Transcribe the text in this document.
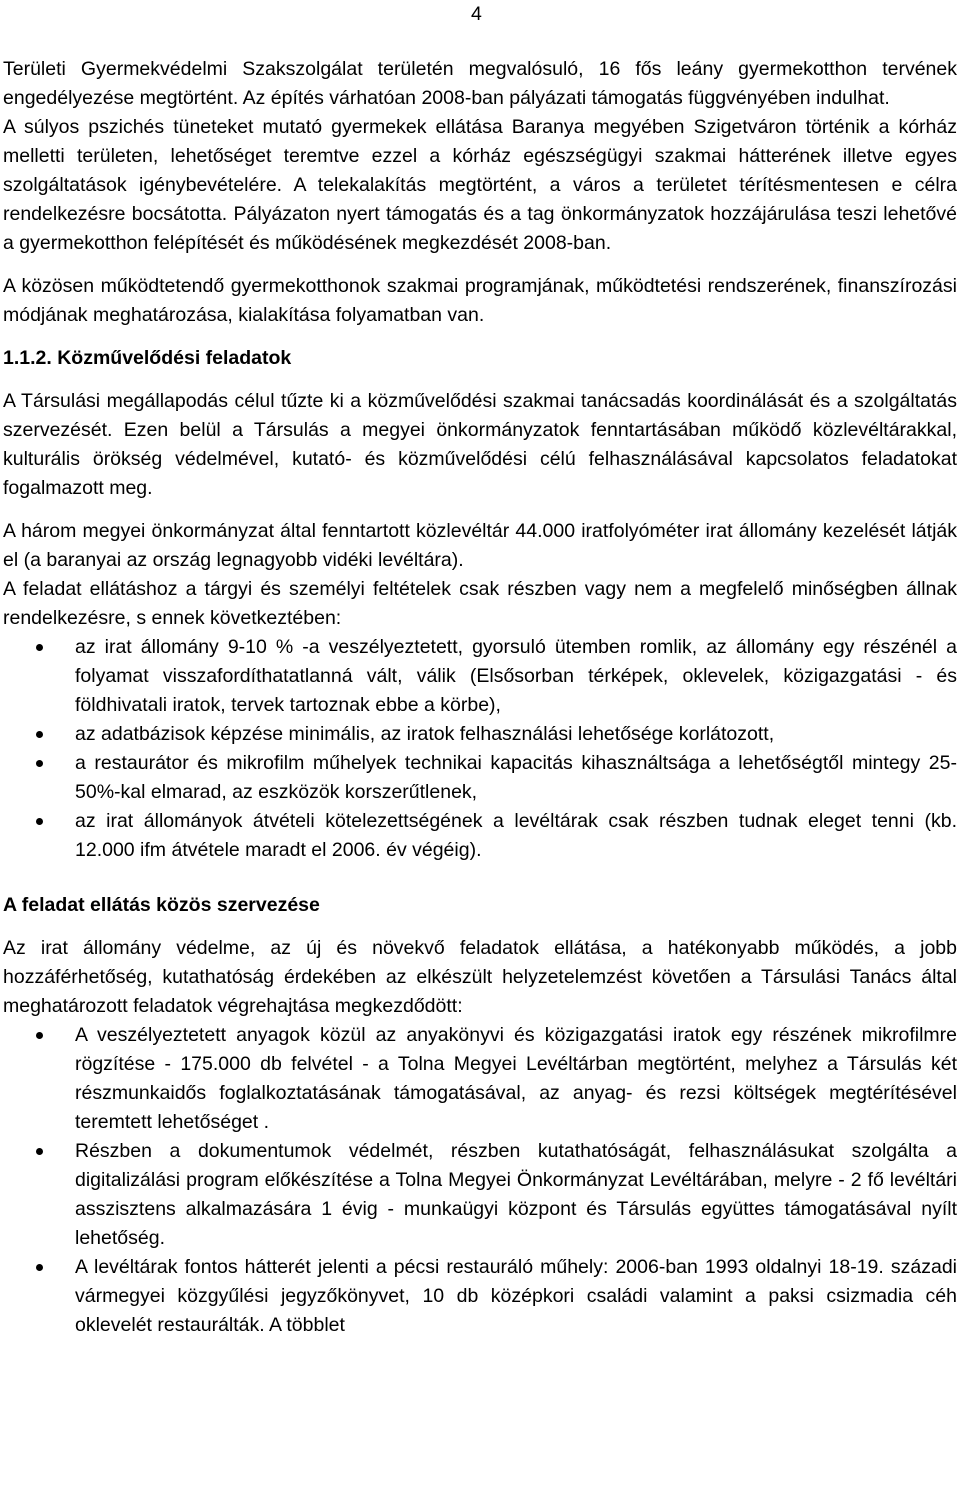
4

Területi Gyermekvédelmi Szakszolgálat területén megvalósuló, 16 fős leány gyermekotthon tervének engedélyezése megtörtént. Az építés várhatóan 2008-ban pályázati támogatás függvényében indulhat.

A súlyos pszichés tüneteket mutató gyermekek ellátása Baranya megyében Szigetváron történik a kórház melletti területen, lehetőséget teremtve ezzel a kórház egészségügyi szakmai hátterének illetve egyes szolgáltatások igénybevételére. A telekalakítás megtörtént, a város a területet térítésmentesen e célra rendelkezésre bocsátotta. Pályázaton nyert támogatás és a tag önkormányzatok hozzájárulása teszi lehetővé a gyermekotthon felépítését és működésének megkezdését 2008-ban.

A közösen működtetendő gyermekotthonok szakmai programjának, működtetési rendszerének, finanszírozási módjának meghatározása, kialakítása folyamatban van.

1.1.2. Közművelődési feladatok

A Társulási megállapodás célul tűzte ki a közművelődési szakmai tanácsadás koordinálását és a szolgáltatás szervezését. Ezen belül a Társulás a megyei önkormányzatok fenntartásában működő közlevéltárakkal, kulturális örökség védelmével, kutató- és közművelődési célú felhasználásával kapcsolatos feladatokat fogalmazott meg.

A három megyei önkormányzat által fenntartott közlevéltár 44.000 iratfolyóméter irat állomány kezelését látják el (a baranyai az ország legnagyobb vidéki levéltára).

A feladat ellátáshoz a tárgyi és személyi feltételek csak részben vagy nem a megfelelő minőségben állnak rendelkezésre, s ennek következtében:

az irat állomány 9-10 % -a veszélyeztetett, gyorsuló ütemben romlik, az állomány egy részénél a folyamat visszafordíthatatlanná vált, válik (Elsősorban térképek, oklevelek, közigazgatási - és földhivatali iratok, tervek tartoznak ebbe a körbe),
az adatbázisok képzése minimális, az iratok felhasználási lehetősége korlátozott,
a restaurátor és mikrofilm műhelyek technikai kapacitás kihasználtsága a lehetőségtől mintegy 25-50%-kal elmarad, az eszközök korszerűtlenek,
az irat állományok átvételi kötelezettségének a levéltárak csak részben tudnak eleget tenni (kb. 12.000 ifm átvétele maradt el 2006. év végéig).
A feladat ellátás közös szervezése

Az irat állomány védelme, az új és növekvő feladatok ellátása, a hatékonyabb működés, a jobb hozzáférhetőség, kutathatóság érdekében az elkészült helyzetelemzést követően a Társulási Tanács által meghatározott feladatok végrehajtása megkezdődött:

A veszélyeztetett anyagok közül az anyakönyvi és közigazgatási iratok egy részének mikrofilmre rögzítése - 175.000 db felvétel - a Tolna Megyei Levéltárban megtörtént, melyhez a Társulás két részmunkaidős foglalkoztatásának támogatásával, az anyag- és rezsi költségek megtérítésével teremtett lehetőséget .
Részben a dokumentumok védelmét, részben kutathatóságát, felhasználásukat szolgálta a digitalizálási program előkészítése a Tolna Megyei Önkormányzat Levéltárában, melyre - 2 fő levéltári asszisztens alkalmazására 1 évig - munkaügyi központ és Társulás együttes támogatásával nyílt lehetőség.
A levéltárak fontos hátterét jelenti a pécsi restauráló műhely: 2006-ban 1993 oldalnyi 18-19. századi vármegyei közgyűlési jegyzőkönyvet, 10 db középkori családi valamint a paksi csizmadia céh oklevelét restaurálták. A többlet
